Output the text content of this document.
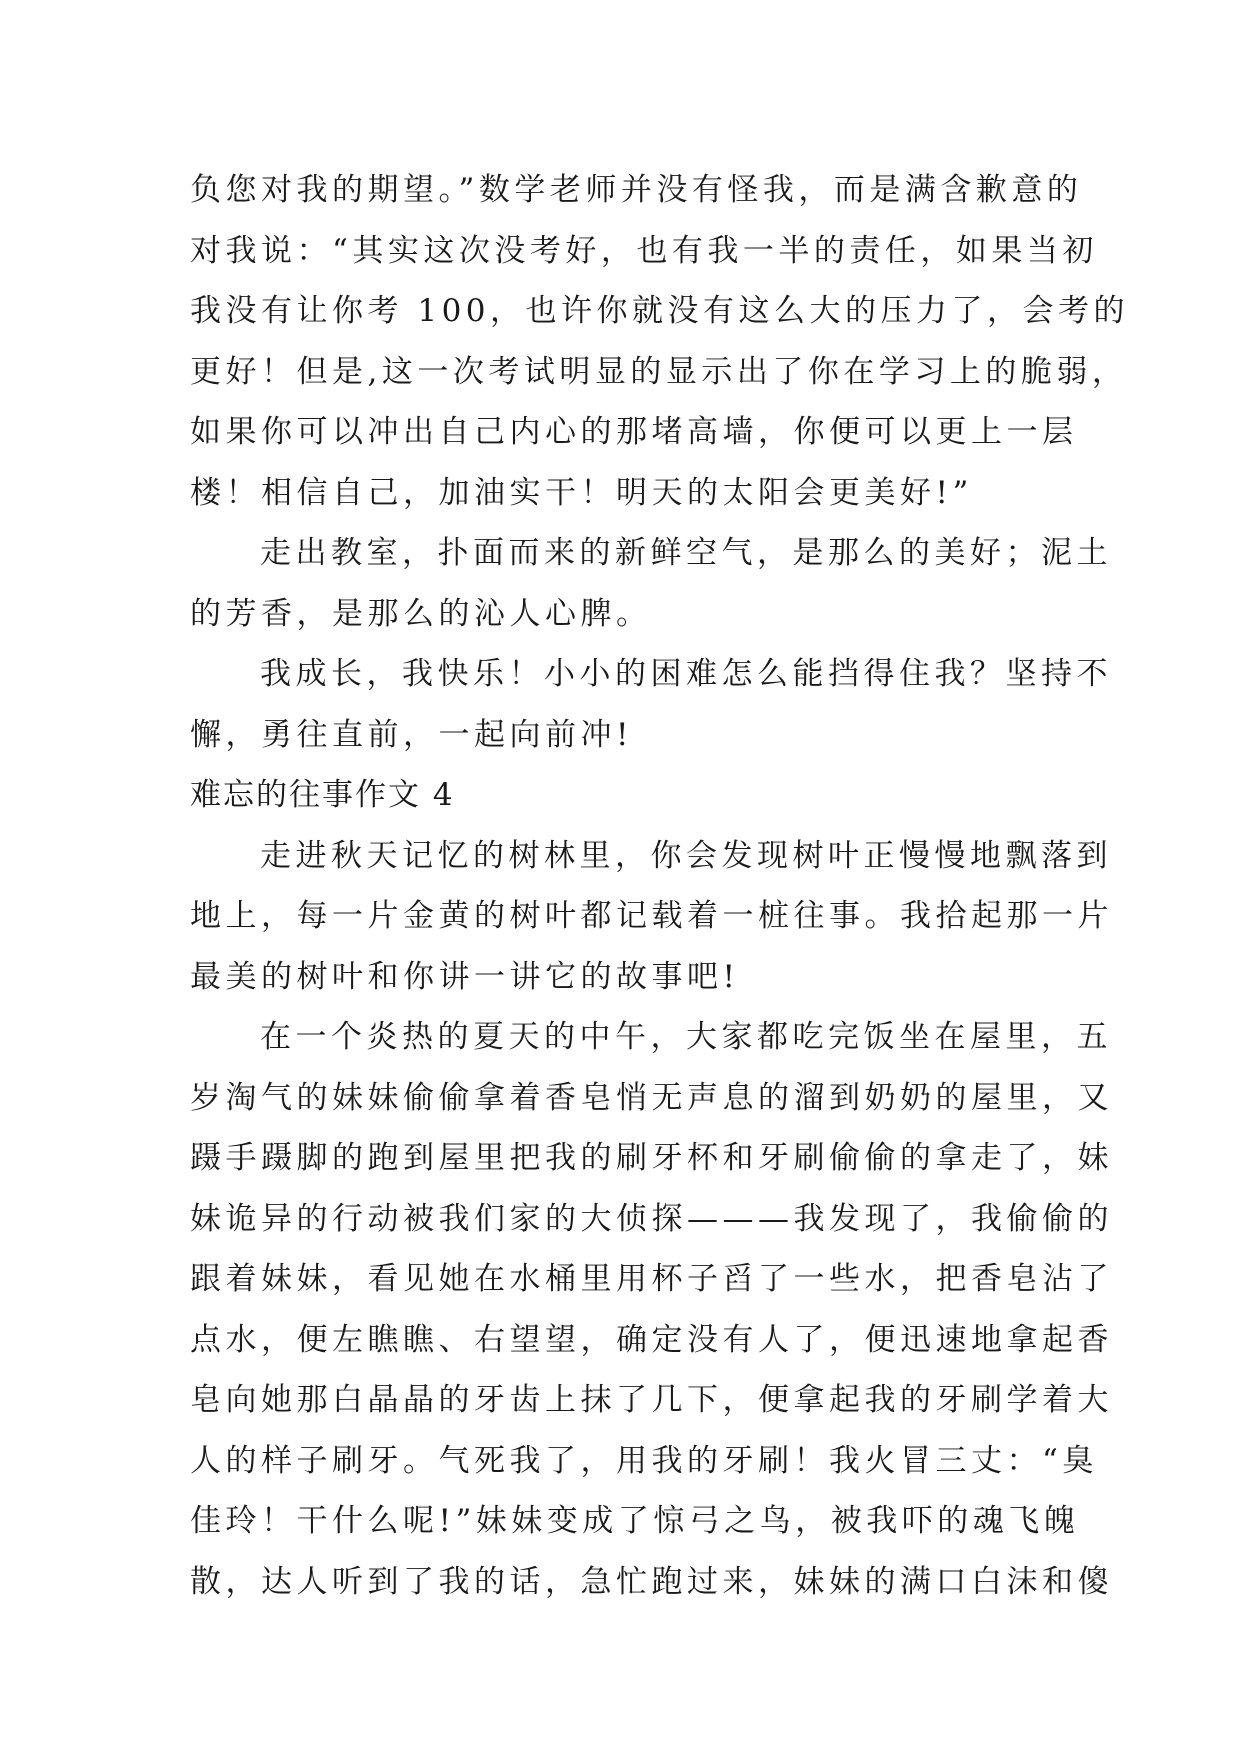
负您对我的期望。”数学老师并没有怪我，而是满含歉意的
对我说：“其实这次没考好，也有我一半的责任，如果当初
我没有让你考 100，也许你就没有这么大的压力了，会考的
更好！但是,这一次考试明显的显示出了你在学习上的脆弱，
如果你可以冲出自己内心的那堵高墙，你便可以更上一层
楼！相信自己，加油实干！明天的太阳会更美好!”
走出教室，扑面而来的新鲜空气，是那么的美好；泥土
的芳香，是那么的沁人心脾。
我成长，我快乐！小小的困难怎么能挡得住我？坚持不
懈，勇往直前，一起向前冲!
难忘的往事作文 4
走进秋天记忆的树林里，你会发现树叶正慢慢地飘落到
地上，每一片金黄的树叶都记载着一桩往事。我拾起那一片
最美的树叶和你讲一讲它的故事吧!
在一个炎热的夏天的中午，大家都吃完饭坐在屋里，五
岁淘气的妹妹偷偷拿着香皂悄无声息的溜到奶奶的屋里，又
蹑手蹑脚的跑到屋里把我的刷牙杯和牙刷偷偷的拿走了，妹
妹诡异的行动被我们家的大侦探———我发现了，我偷偷的
跟着妹妹，看见她在水桶里用杯子舀了一些水，把香皂沾了
点水，便左瞧瞧、右望望，确定没有人了，便迅速地拿起香
皂向她那白晶晶的牙齿上抹了几下，便拿起我的牙刷学着大
人的样子刷牙。气死我了，用我的牙刷！我火冒三丈：“臭
佳玲！干什么呢!”妹妹变成了惊弓之鸟，被我吓的魂飞魄
散，达人听到了我的话，急忙跑过来，妹妹的满口白沫和傻
